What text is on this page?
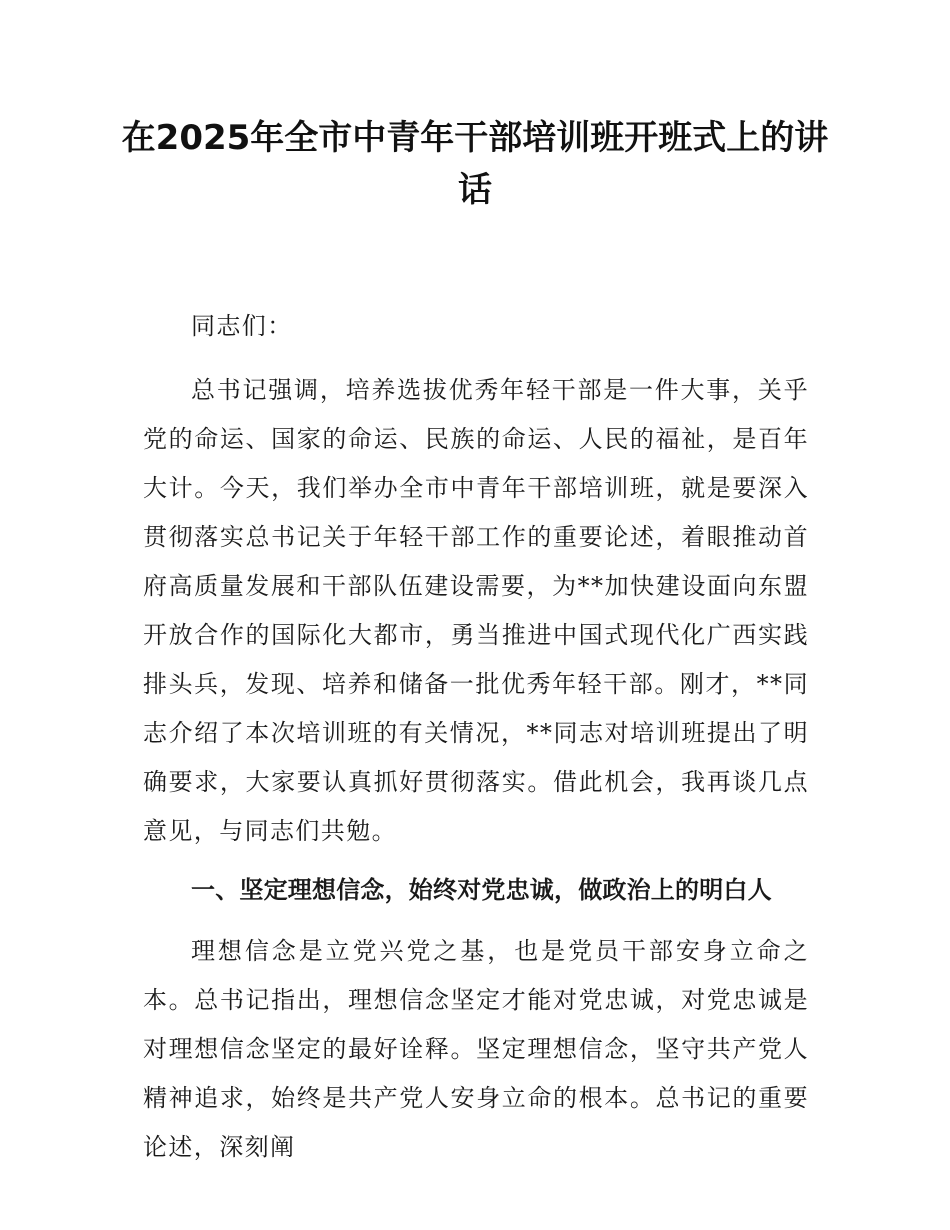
在2025年全市中青年干部培训班开班式上的讲话

同志们：

总书记强调，培养选拔优秀年轻干部是一件大事，关乎党的命运、国家的命运、民族的命运、人民的福祉，是百年大计。今天，我们举办全市中青年干部培训班，就是要深入贯彻落实总书记关于年轻干部工作的重要论述，着眼推动首府高质量发展和干部队伍建设需要，为**加快建设面向东盟开放合作的国际化大都市，勇当推进中国式现代化广西实践排头兵，发现、培养和储备一批优秀年轻干部。刚才，**同志介绍了本次培训班的有关情况，**同志对培训班提出了明确要求，大家要认真抓好贯彻落实。借此机会，我再谈几点意见，与同志们共勉。

一、坚定理想信念，始终对党忠诚，做政治上的明白人

理想信念是立党兴党之基，也是党员干部安身立命之本。总书记指出，理想信念坚定才能对党忠诚，对党忠诚是对理想信念坚定的最好诠释。坚定理想信念，坚守共产党人精神追求，始终是共产党人安身立命的根本。总书记的重要论述，深刻阐
